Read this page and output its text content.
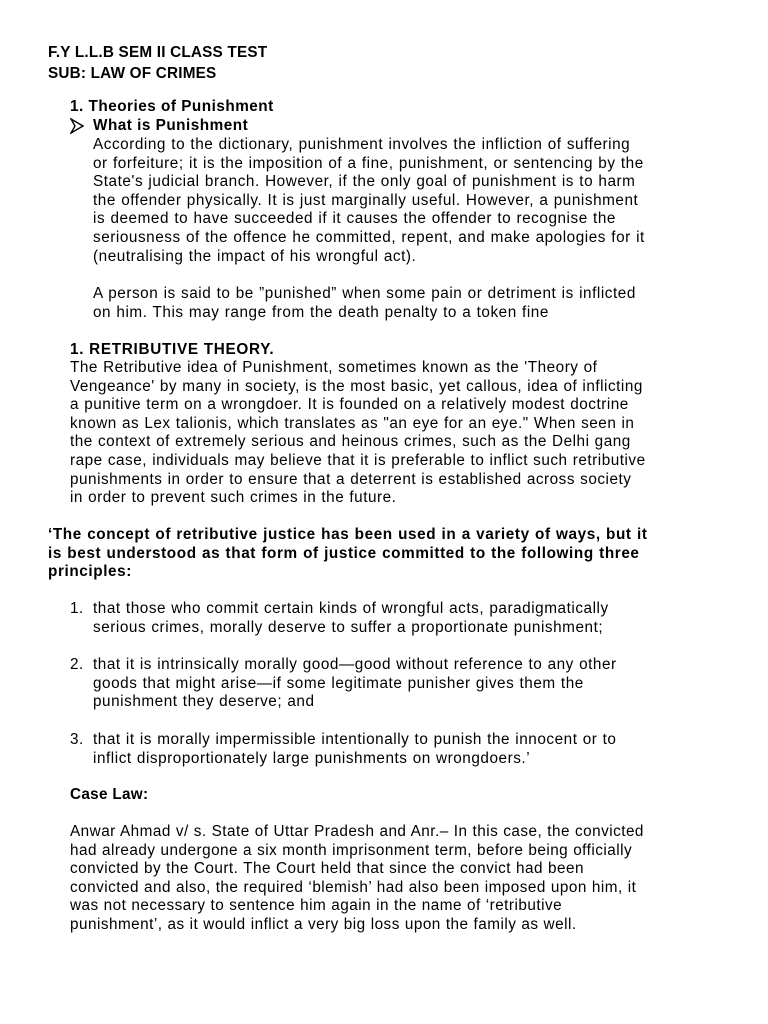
F.Y L.L.B SEM II CLASS TEST
SUB: LAW OF CRIMES
1. Theories of Punishment
What is Punishment
According to the dictionary, punishment involves the infliction of suffering
or forfeiture; it is the imposition of a fine, punishment, or sentencing by the
State's judicial branch. However, if the only goal of punishment is to harm
the offender physically. It is just marginally useful. However, a punishment
is deemed to have succeeded if it causes the offender to recognise the
seriousness of the offence he committed, repent, and make apologies for it
(neutralising the impact of his wrongful act).
A person is said to be ”punished” when some pain or detriment is inflicted
on him. This may range from the death penalty to a token fine
1. RETRIBUTIVE THEORY.
The Retributive idea of Punishment, sometimes known as the 'Theory of
Vengeance' by many in society, is the most basic, yet callous, idea of inflicting
a punitive term on a wrongdoer. It is founded on a relatively modest doctrine
known as Lex talionis, which translates as "an eye for an eye." When seen in
the context of extremely serious and heinous crimes, such as the Delhi gang
rape case, individuals may believe that it is preferable to inflict such retributive
punishments in order to ensure that a deterrent is established across society
in order to prevent such crimes in the future.
‘The concept of retributive justice has been used in a variety of ways, but it
is best understood as that form of justice committed to the following three
principles:
1. that those who commit certain kinds of wrongful acts, paradigmatically
serious crimes, morally deserve to suffer a proportionate punishment;
2. that it is intrinsically morally good—good without reference to any other
goods that might arise—if some legitimate punisher gives them the
punishment they deserve; and
3. that it is morally impermissible intentionally to punish the innocent or to
inflict disproportionately large punishments on wrongdoers.’
Case Law:
Anwar Ahmad v/ s. State of Uttar Pradesh and Anr.– In this case, the convicted
had already undergone a six month imprisonment term, before being officially
convicted by the Court. The Court held that since the convict had been
convicted and also, the required ‘blemish’ had also been imposed upon him, it
was not necessary to sentence him again in the name of ‘retributive
punishment’, as it would inflict a very big loss upon the family as well.
